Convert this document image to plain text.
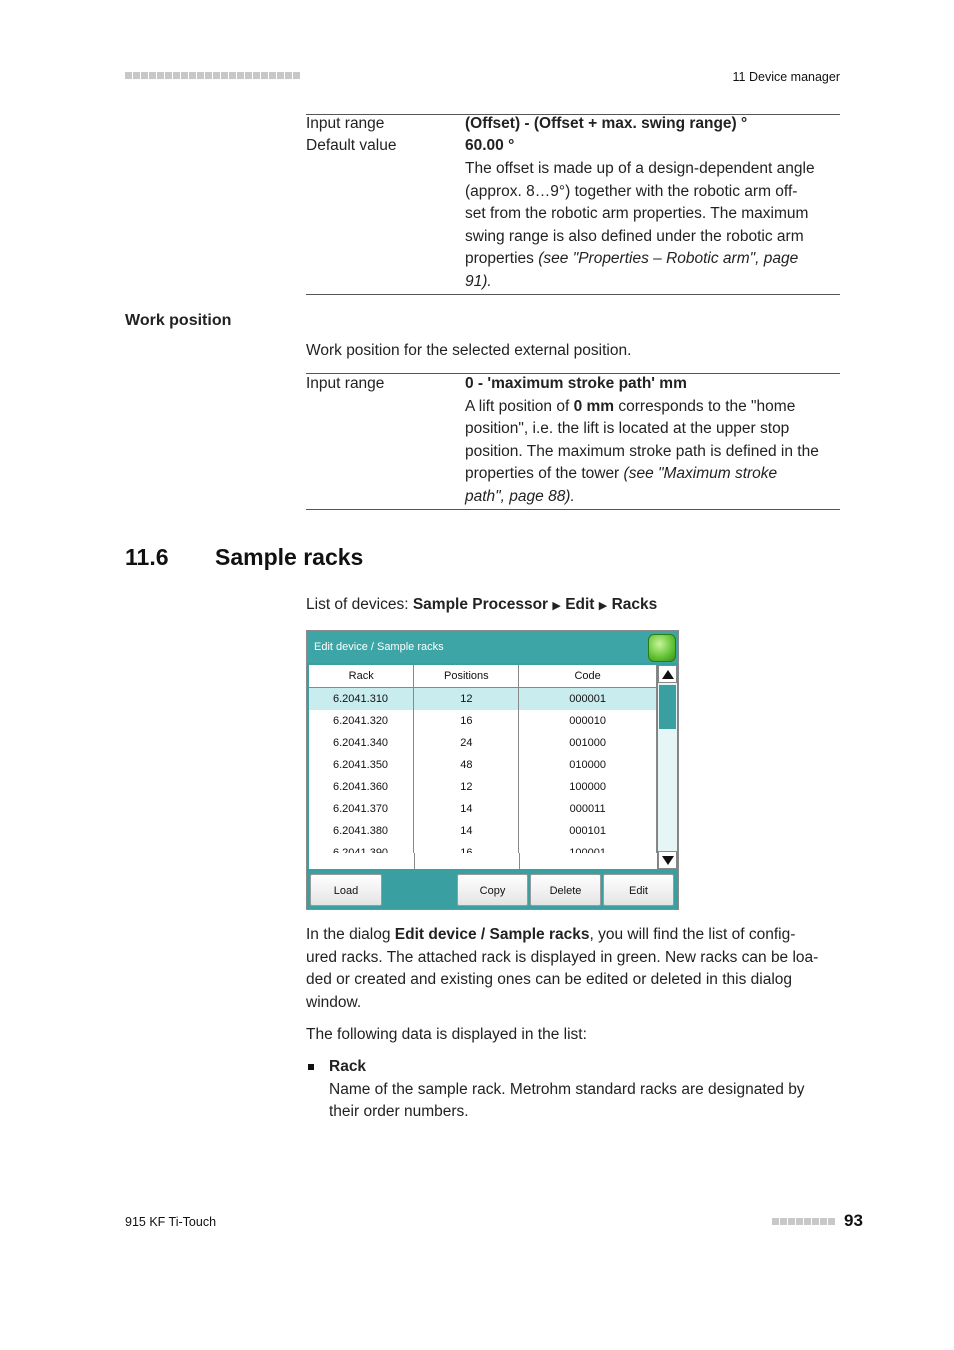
11 Device manager
Input range	(Offset) - (Offset + max. swing range) °
Default value	60.00 °
The offset is made up of a design-dependent angle
(approx. 8…9°) together with the robotic arm off-
set from the robotic arm properties. The maximum
swing range is also defined under the robotic arm
properties (see "Properties – Robotic arm", page
91).
Work position
Work position for the selected external position.
Input range	0 - 'maximum stroke path' mm
A lift position of 0 mm corresponds to the "home
position", i.e. the lift is located at the upper stop
position. The maximum stroke path is defined in the
properties of the tower (see "Maximum stroke
path", page 88).
11.6 Sample racks
List of devices: Sample Processor ▶ Edit ▶ Racks
Edit device / Sample racks
Rack	Positions	Code
6.2041.310	12	000001
6.2041.320	16	000010
6.2041.340	24	001000
6.2041.350	48	010000
6.2041.360	12	100000
6.2041.370	14	000011
6.2041.380	14	000101

Load	Copy	Delete	Edit
In the dialog Edit device / Sample racks, you will find the list of config-
ured racks. The attached rack is displayed in green. New racks can be loa-
ded or created and existing ones can be edited or deleted in this dialog
window.
The following data is displayed in the list:
Rack
Name of the sample rack. Metrohm standard racks are designated by
their order numbers.
915 KF Ti-Touch	93
